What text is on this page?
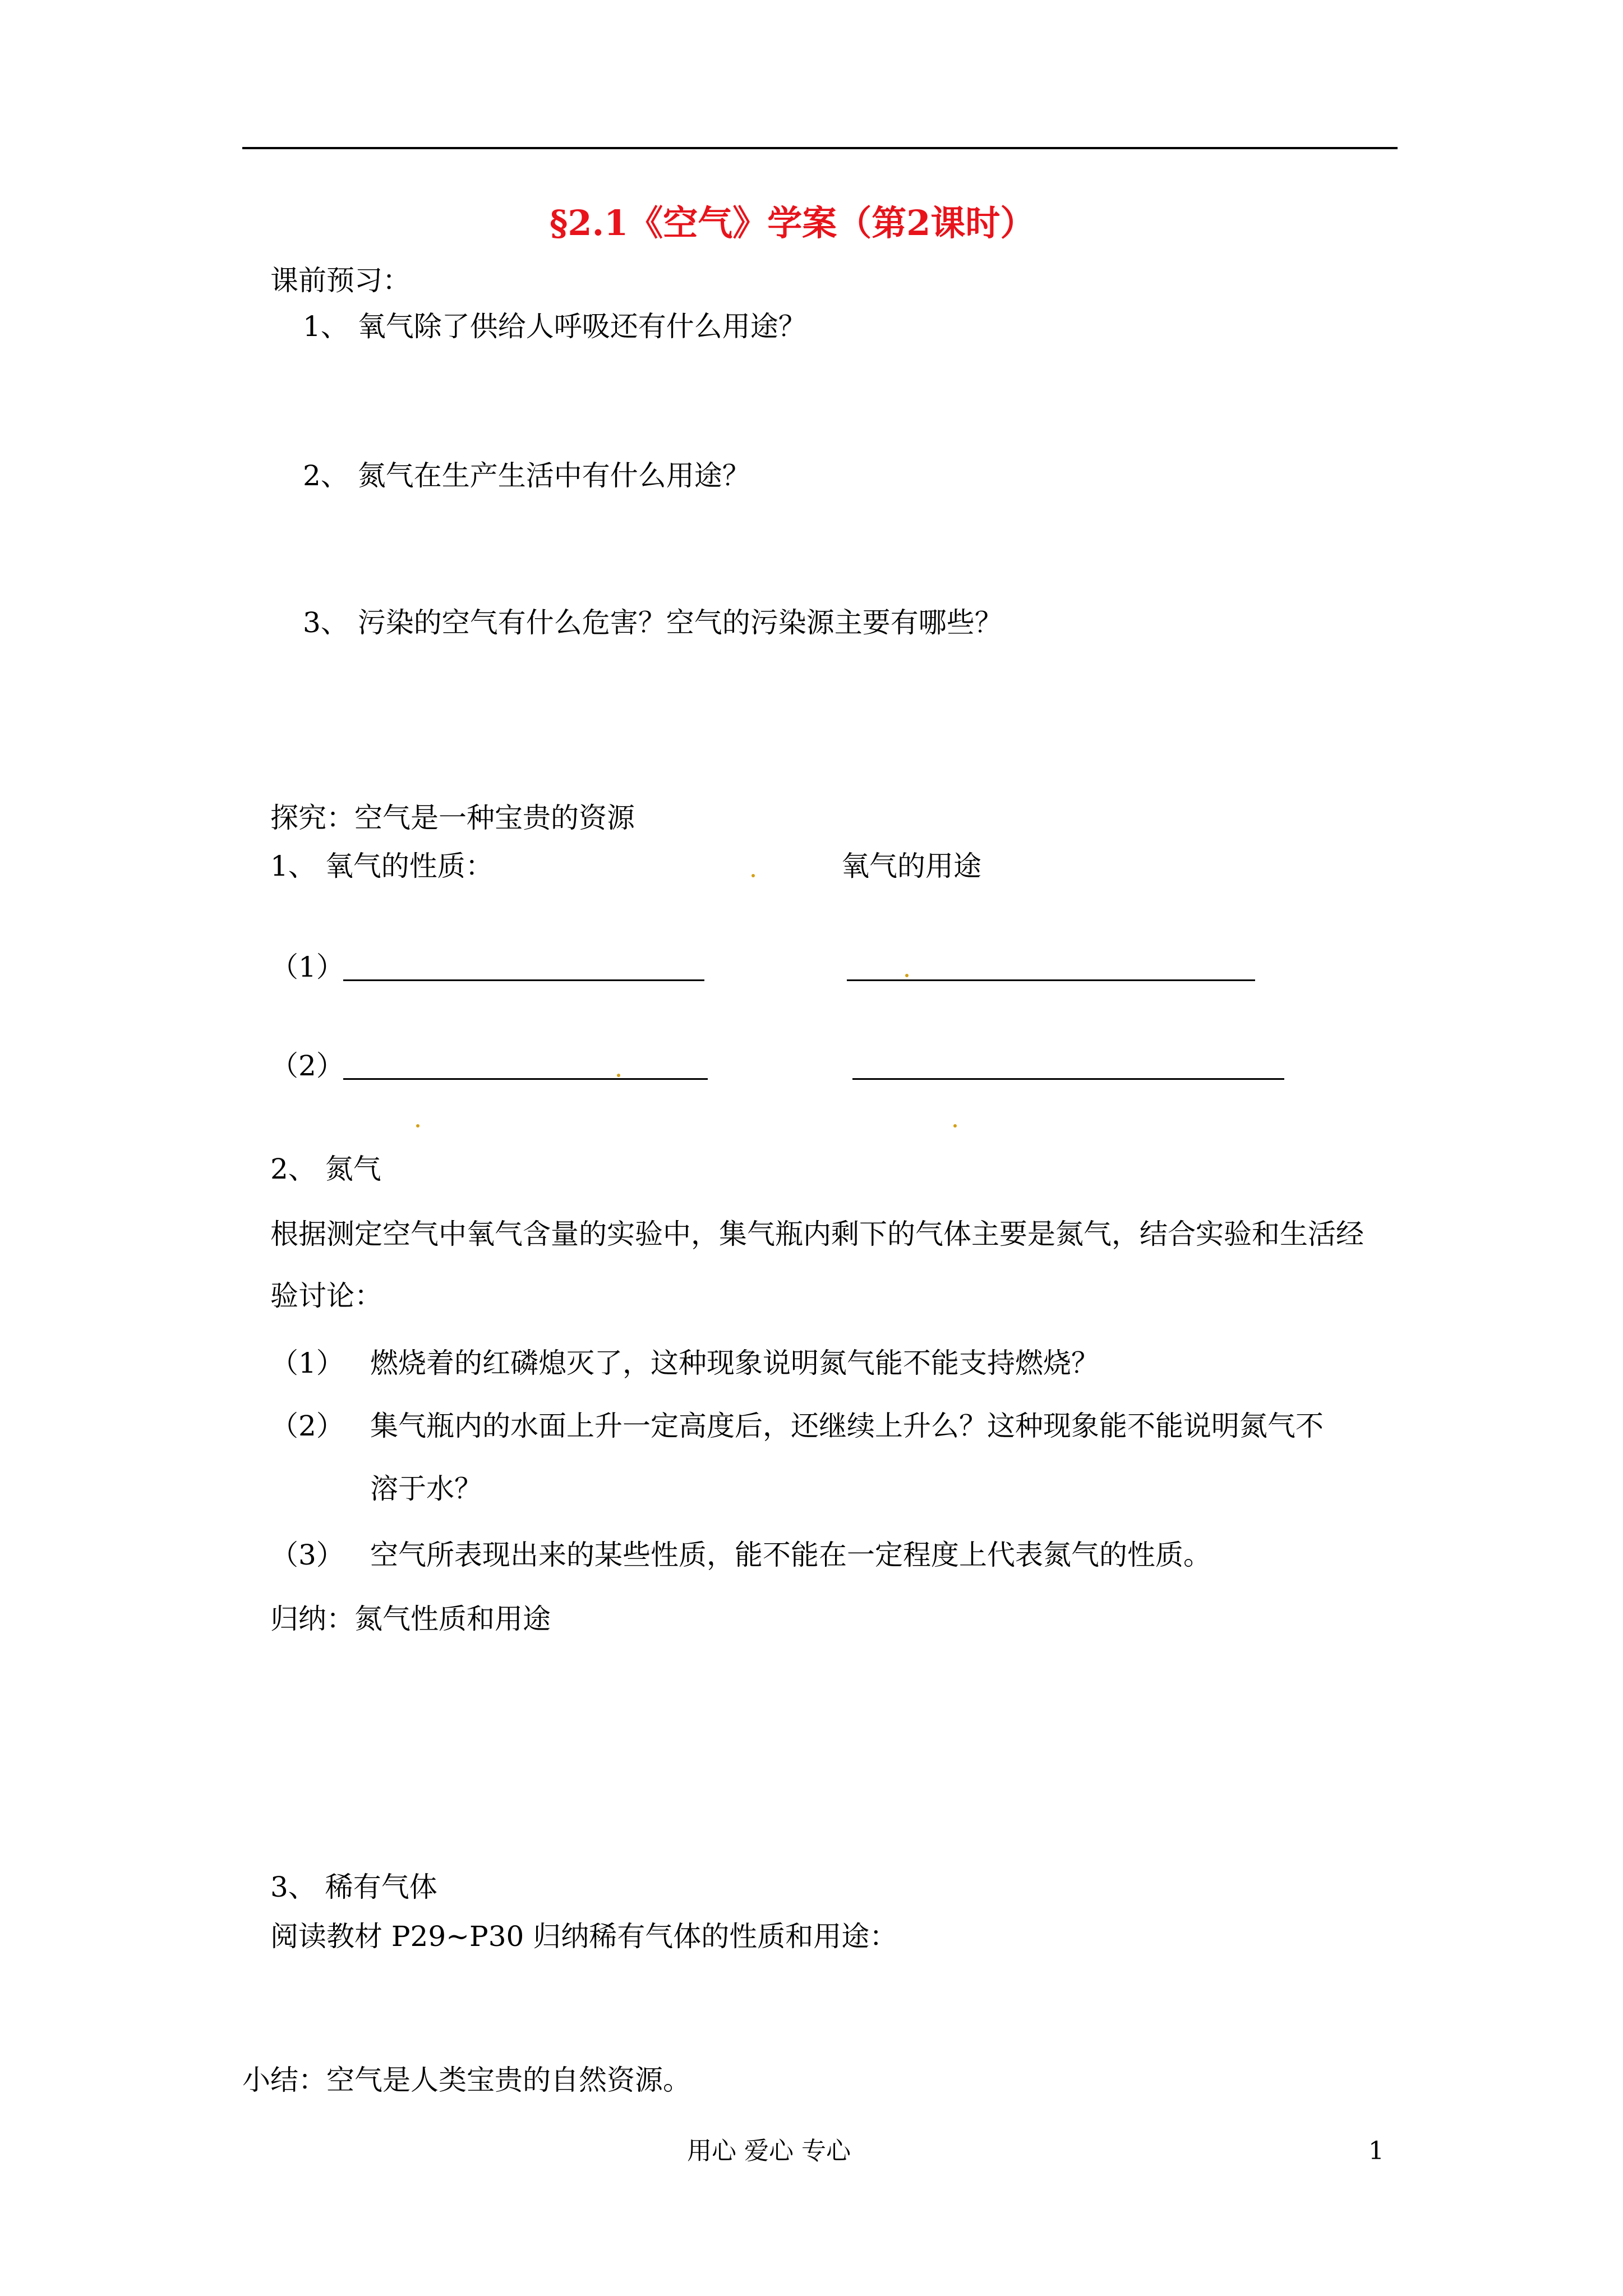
§2.1《空气》学案（第2课时）
课前预习：
1、 氧气除了供给人呼吸还有什么用途？
2、 氮气在生产生活中有什么用途？
3、 污染的空气有什么危害？空气的污染源主要有哪些？
探究：空气是一种宝贵的资源
1、 氧气的性质：	氧气的用途
（1）
（2）
2、 氮气
根据测定空气中氧气含量的实验中，集气瓶内剩下的气体主要是氮气，结合实验和生活经
验讨论：
（1） 燃烧着的红磷熄灭了，这种现象说明氮气能不能支持燃烧？
（2） 集气瓶内的水面上升一定高度后，还继续上升么？这种现象能不能说明氮气不
溶于水？
（3） 空气所表现出来的某些性质，能不能在一定程度上代表氮气的性质。
归纳：氮气性质和用途
3、 稀有气体
阅读教材 P29~P30 归纳稀有气体的性质和用途：
小结：空气是人类宝贵的自然资源。
用心 爱心 专心	1
